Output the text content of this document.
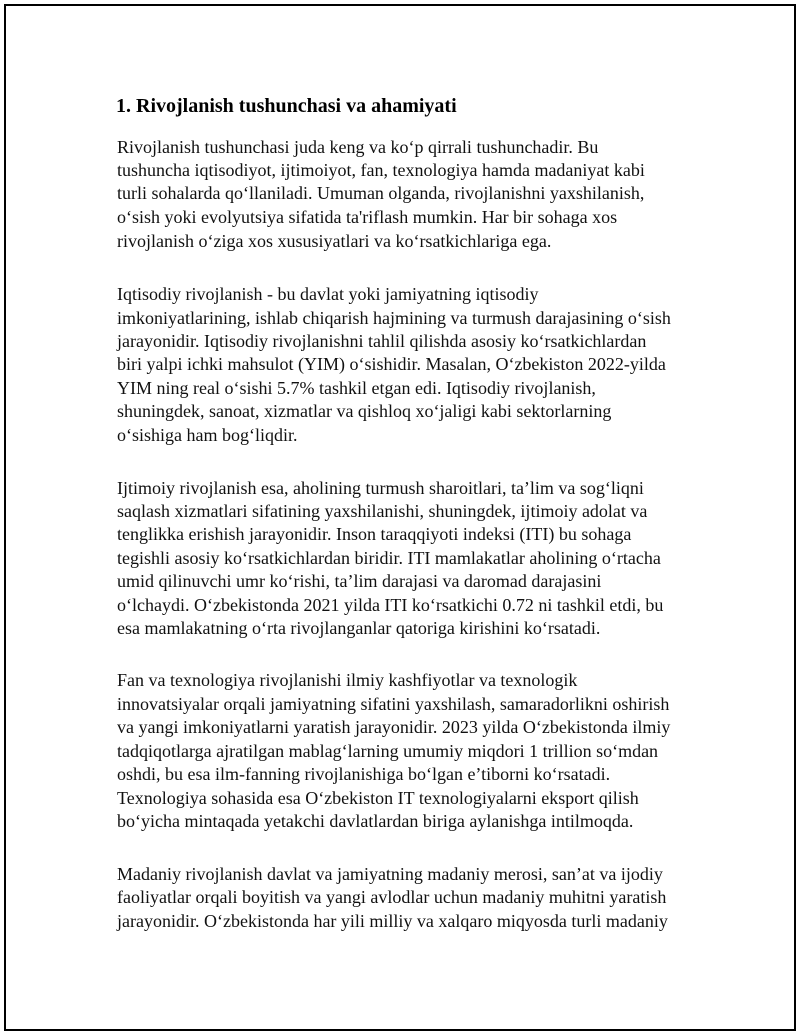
1. Rivojlanish tushunchasi va ahamiyati

Rivojlanish tushunchasi juda keng va ko‘p qirrali tushunchadir. Bu

tushuncha iqtisodiyot, ijtimoiyot, fan, texnologiya hamda madaniyat kabi

turli sohalarda qo‘llaniladi. Umuman olganda, rivojlanishni yaxshilanish,

o‘sish yoki evolyutsiya sifatida ta'riflash mumkin. Har bir sohaga xos

rivojlanish o‘ziga xos xususiyatlari va ko‘rsatkichlariga ega.

Iqtisodiy rivojlanish - bu davlat yoki jamiyatning iqtisodiy

imkoniyatlarining, ishlab chiqarish hajmining va turmush darajasining o‘sish

jarayonidir. Iqtisodiy rivojlanishni tahlil qilishda asosiy ko‘rsatkichlardan

biri yalpi ichki mahsulot (YIM) o‘sishidir. Masalan, O‘zbekiston 2022-yilda

YIM ning real o‘sishi 5.7% tashkil etgan edi. Iqtisodiy rivojlanish,

shuningdek, sanoat, xizmatlar va qishloq xo‘jaligi kabi sektorlarning

o‘sishiga ham bog‘liqdir.

Ijtimoiy rivojlanish esa, aholining turmush sharoitlari, ta’lim va sog‘liqni

saqlash xizmatlari sifatining yaxshilanishi, shuningdek, ijtimoiy adolat va

tenglikka erishish jarayonidir. Inson taraqqiyoti indeksi (ITI) bu sohaga

tegishli asosiy ko‘rsatkichlardan biridir. ITI mamlakatlar aholining o‘rtacha

umid qilinuvchi umr ko‘rishi, ta’lim darajasi va daromad darajasini

o‘lchaydi. O‘zbekistonda 2021 yilda ITI ko‘rsatkichi 0.72 ni tashkil etdi, bu

esa mamlakatning o‘rta rivojlanganlar qatoriga kirishini ko‘rsatadi.

Fan va texnologiya rivojlanishi ilmiy kashfiyotlar va texnologik

innovatsiyalar orqali jamiyatning sifatini yaxshilash, samaradorlikni oshirish

va yangi imkoniyatlarni yaratish jarayonidir. 2023 yilda O‘zbekistonda ilmiy

tadqiqotlarga ajratilgan mablag‘larning umumiy miqdori 1 trillion so‘mdan

oshdi, bu esa ilm-fanning rivojlanishiga bo‘lgan e’tiborni ko‘rsatadi.

Texnologiya sohasida esa O‘zbekiston IT texnologiyalarni eksport qilish

bo‘yicha mintaqada yetakchi davlatlardan biriga aylanishga intilmoqda.

Madaniy rivojlanish davlat va jamiyatning madaniy merosi, san’at va ijodiy

faoliyatlar orqali boyitish va yangi avlodlar uchun madaniy muhitni yaratish

jarayonidir. O‘zbekistonda har yili milliy va xalqaro miqyosda turli madaniy
